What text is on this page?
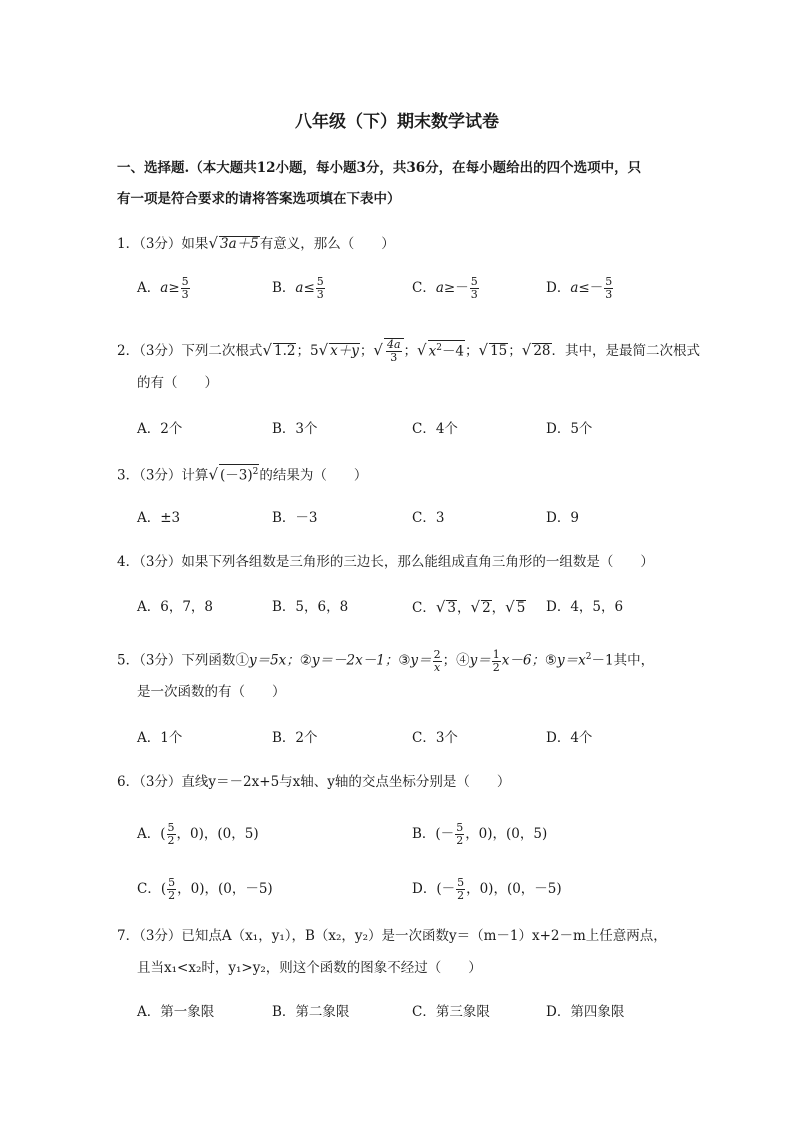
八年级（下）期末数学试卷
一、选择题.（本大题共12小题，每小题3分，共36分，在每小题给出的四个选项中，只
有一项是符合要求的请将答案选项填在下表中）
1．（3分）如果√ 3a＋5有意义，那么（　　）
A．$a\ge \frac{5}{3}$	B．$a\le \frac{5}{3}$	C．$a\ge- \frac{5}{3}$	D．$a\le- \frac{5}{3}$
2．（3分）下列二次根式√ 1.2；5√ x＋y；√ $\frac{4a}{3}$ ；√ $x^2-4$；√ 15；√ 28．其中，是最简二次根式
的有（　　）
A．2个	B．3个	C．4个	D．5个
3．（3分）计算√ $(-3)^2$的结果为（　　）
A．±3	B．－3	C．3	D．9
4．（3分）如果下列各组数是三角形的三边长，那么能组成直角三角形的一组数是（　　）
A．6，7，8	B．5，6，8	C．√ 3，√ 2，√ 5 D．4，5，6
5．（3分）下列函数①y＝5x；②y＝－2x－1；③y＝ $\frac{2}{x}$ ；④y＝ $\frac{1}{2} x-6$；$⑤y=x^2-1$其中，
是一次函数的有（　　）
A．1个	B．2个	C．3个	D．4个
6．（3分）直线y＝－2x+5与x轴、y轴的交点坐标分别是（　　）
A．( $\frac{5}{2}$ ，0)，(0，5)	B．(－ $\frac{5}{2}$ ，0)，(0，5)
C．( $\frac{5}{2}$ ，0)，(0，－5)	D．(－ $\frac{5}{2}$ ，0)，(0，－5)
7．（3分）已知点A（x₁，y₁），B（x₂，y₂）是一次函数y＝（m－1）x+2－m上任意两点，
且当x₁<x₂时，y₁>y₂，则这个函数的图象不经过（　　）
A．第一象限	B．第二象限	C．第三象限	D．第四象限
